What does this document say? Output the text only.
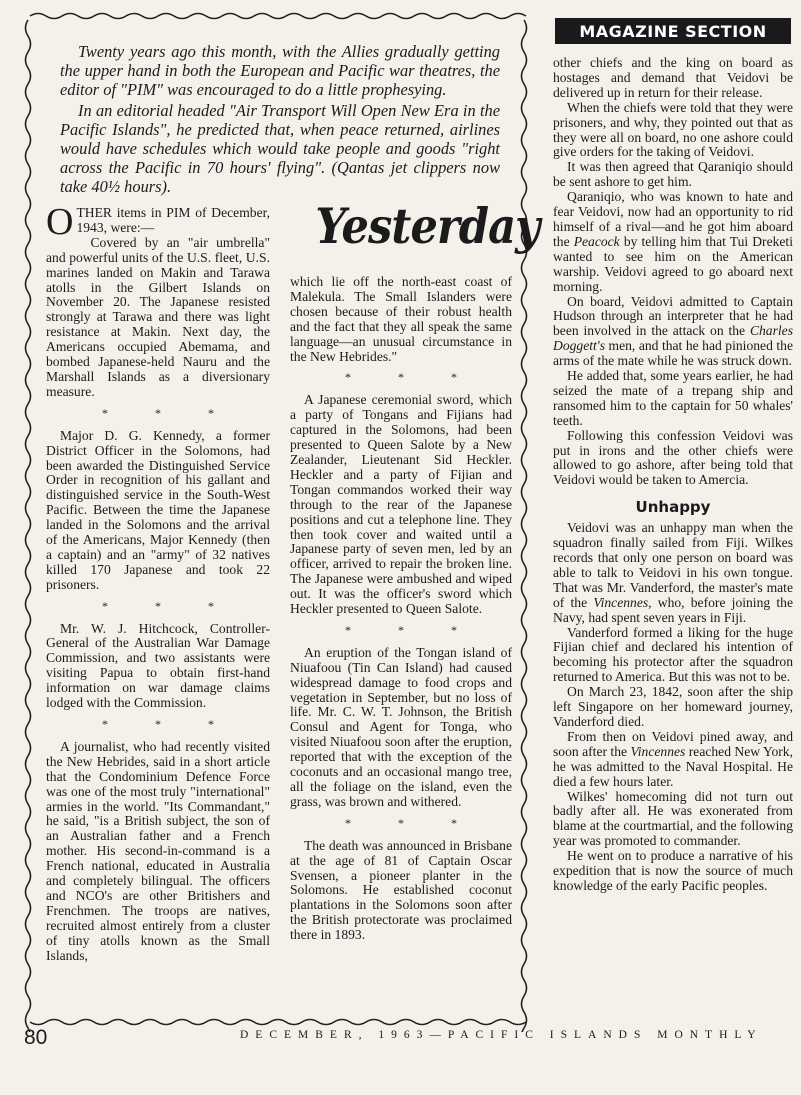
MAGAZINE SECTION

Twenty years ago this month, with the Allies gradually getting the upper hand in both the European and Pacific war theatres, the editor of "PIM" was encouraged to do a little prophesying.

In an editorial headed "Air Transport Will Open New Era in the Pacific Islands", he predicted that, when peace returned, airlines would have schedules which would take people and goods "right across the Pacific in 70 hours' flying". (Qantas jet clippers now take 40½ hours).

Yesterday

OTHER items in PIM of December, 1943, were:—

Covered by an "air umbrella" and powerful units of the U.S. fleet, U.S. marines landed on Makin and Tarawa atolls in the Gilbert Islands on November 20. The Japanese resisted strongly at Tarawa and there was light resistance at Makin. Next day, the Americans occupied Abemama, and bombed Japanese-held Nauru and the Marshall Islands as a diversionary measure.

* * *

Major D. G. Kennedy, a former District Officer in the Solomons, had been awarded the Distinguished Service Order in recognition of his gallant and distinguished service in the South-West Pacific. Between the time the Japanese landed in the Solomons and the arrival of the Americans, Major Kennedy (then a captain) and an "army" of 32 natives killed 170 Japanese and took 22 prisoners.

* * *

Mr. W. J. Hitchcock, Controller-General of the Australian War Damage Commission, and two assistants were visiting Papua to obtain first-hand information on war damage claims lodged with the Commission.

* * *

A journalist, who had recently visited the New Hebrides, said in a short article that the Condominium Defence Force was one of the most truly "international" armies in the world. "Its Commandant," he said, "is a British subject, the son of an Australian father and a French mother. His second-in-command is a French national, educated in Australia and completely bilingual. The officers and NCO's are other Britishers and Frenchmen. The troops are natives, recruited almost entirely from a cluster of tiny atolls known as the Small Islands,

which lie off the north-east coast of Malekula. The Small Islanders were chosen because of their robust health and the fact that they all speak the same language—an unusual circumstance in the New Hebrides."

* * *

A Japanese ceremonial sword, which a party of Tongans and Fijians had captured in the Solomons, had been presented to Queen Salote by a New Zealander, Lieutenant Sid Heckler. Heckler and a party of Fijian and Tongan commandos worked their way through to the rear of the Japanese positions and cut a telephone line. They then took cover and waited until a Japanese party of seven men, led by an officer, arrived to repair the broken line. The Japanese were ambushed and wiped out. It was the officer's sword which Heckler presented to Queen Salote.

* * *

An eruption of the Tongan island of Niuafoou (Tin Can Island) had caused widespread damage to food crops and vegetation in September, but no loss of life. Mr. C. W. T. Johnson, the British Consul and Agent for Tonga, who visited Niuafoou soon after the eruption, reported that with the exception of the coconuts and an occasional mango tree, all the foliage on the island, even the grass, was brown and withered.

* * *

The death was announced in Brisbane at the age of 81 of Captain Oscar Svensen, a pioneer planter in the Solomons. He established coconut plantations in the Solomons soon after the British protectorate was proclaimed there in 1893.

other chiefs and the king on board as hostages and demand that Veidovi be delivered up in return for their release.

When the chiefs were told that they were prisoners, and why, they pointed out that as they were all on board, no one ashore could give orders for the taking of Veidovi.

It was then agreed that Qaraniqio should be sent ashore to get him.

Qaraniqio, who was known to hate and fear Veidovi, now had an opportunity to rid himself of a rival—and he got him aboard the Peacock by telling him that Tui Dreketi wanted to see him on the American warship. Veidovi agreed to go aboard next morning.

On board, Veidovi admitted to Captain Hudson through an interpreter that he had been involved in the attack on the Charles Doggett's men, and that he had pinioned the arms of the mate while he was struck down.

He added that, some years earlier, he had seized the mate of a trepang ship and ransomed him to the captain for 50 whales' teeth.

Following this confession Veidovi was put in irons and the other chiefs were allowed to go ashore, after being told that Veidovi would be taken to Amercia.

Unhappy

Veidovi was an unhappy man when the squadron finally sailed from Fiji. Wilkes records that only one person on board was able to talk to Veidovi in his own tongue. That was Mr. Vanderford, the master's mate of the Vincennes, who, before joining the Navy, had spent seven years in Fiji.

Vanderford formed a liking for the huge Fijian chief and declared his intention of becoming his protector after the squadron returned to America. But this was not to be.

On March 23, 1842, soon after the ship left Singapore on her homeward journey, Vanderford died.

From then on Veidovi pined away, and soon after the Vincennes reached New York, he was admitted to the Naval Hospital. He died a few hours later.

Wilkes' homecoming did not turn out badly after all. He was exonerated from blame at the courtmartial, and the following year was promoted to commander.

He went on to produce a narrative of his expedition that is now the source of much knowledge of the early Pacific peoples.

80	DECEMBER, 1963—PACIFIC ISLANDS MONTHLY
